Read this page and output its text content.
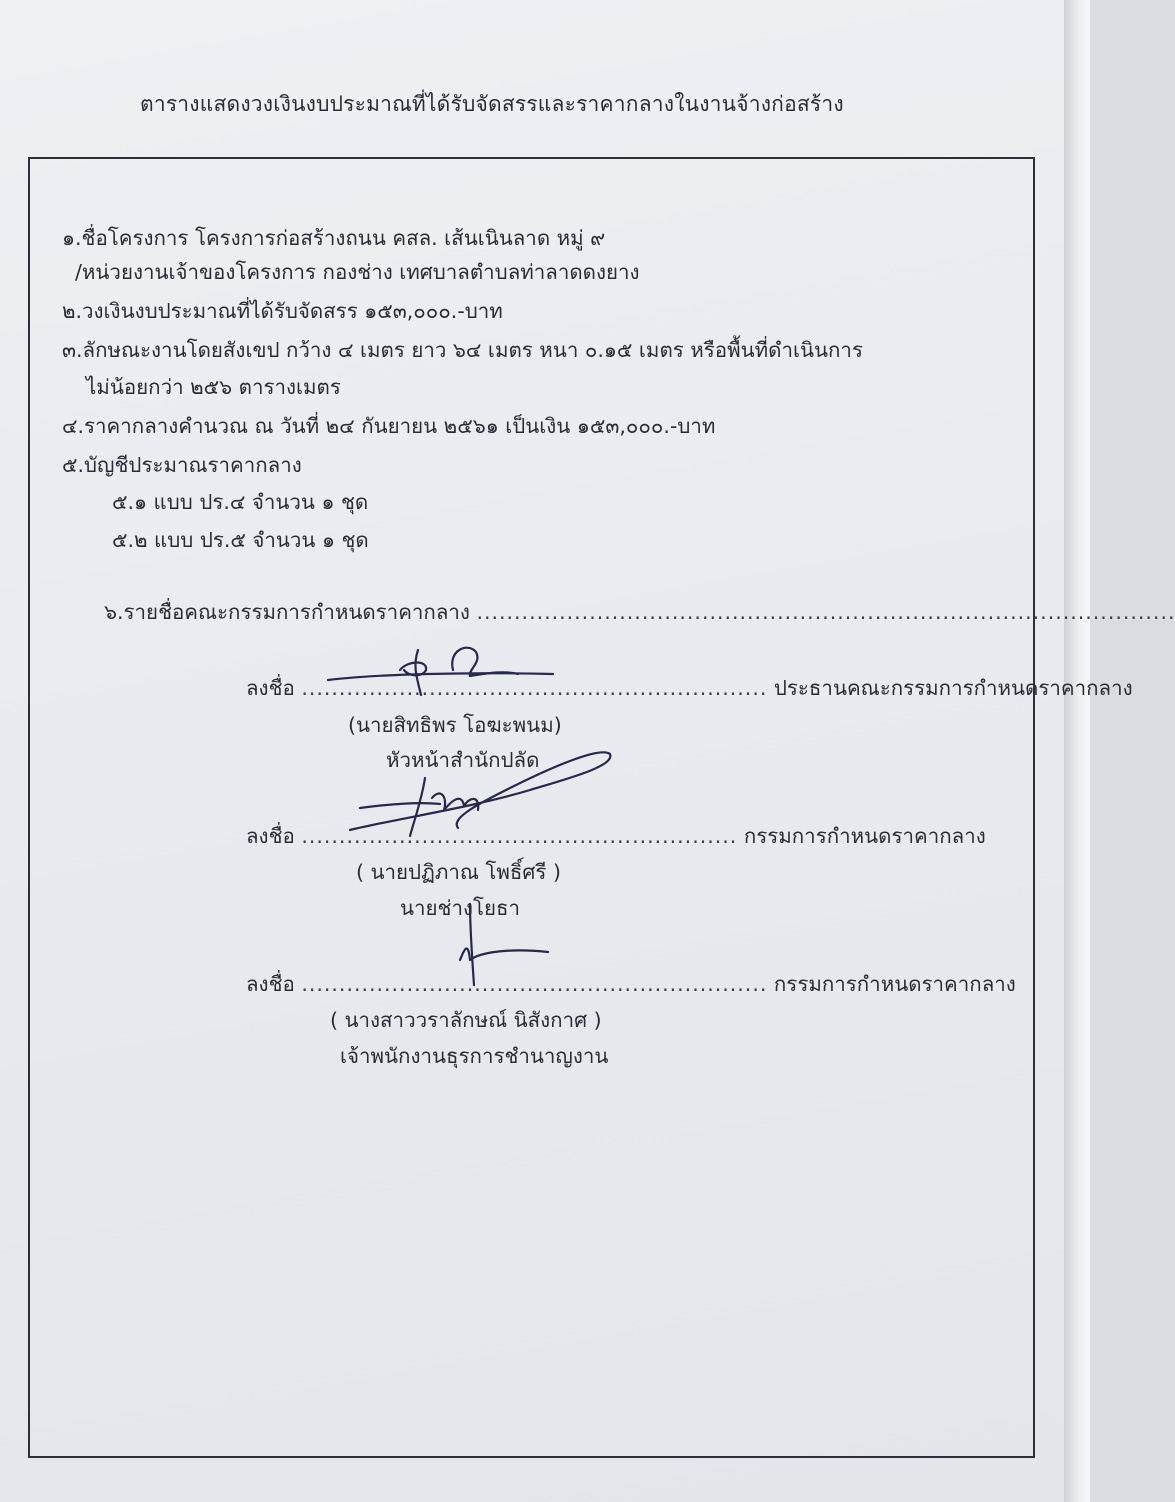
ตารางแสดงวงเงินงบประมาณที่ได้รับจัดสรรและราคากลางในงานจ้างก่อสร้าง
๑.ชื่อโครงการ โครงการก่อสร้างถนน คสล. เส้นเนินลาด หมู่ ๙
/หน่วยงานเจ้าของโครงการ กองช่าง เทศบาลตำบลท่าลาดดงยาง
๒.วงเงินงบประมาณที่ได้รับจัดสรร ๑๕๓,๐๐๐.-บาท
๓.ลักษณะงานโดยสังเขป กว้าง ๔ เมตร ยาว ๖๔ เมตร หนา ๐.๑๕ เมตร หรือพื้นที่ดำเนินการ
ไม่น้อยกว่า ๒๕๖ ตารางเมตร
๔.ราคากลางคำนวณ ณ วันที่ ๒๔ กันยายน ๒๕๖๑ เป็นเงิน ๑๕๓,๐๐๐.-บาท
๕.บัญชีประมาณราคากลาง
๕.๑ แบบ ปร.๔ จำนวน ๑ ชุด
๕.๒ แบบ ปร.๕ จำนวน ๑ ชุด
๖.รายชื่อคณะกรรมการกำหนดราคากลาง .............................................................................................
ลงชื่อ .............................................................. ประธานคณะกรรมการกำหนดราคากลาง
(นายสิทธิพร โอฆะพนม)
หัวหน้าสำนักปลัด
ลงชื่อ .......................................................... กรรมการกำหนดราคากลาง
( นายปฏิภาณ โพธิ์ศรี )
นายช่างโยธา
ลงชื่อ .............................................................. กรรมการกำหนดราคากลาง
( นางสาววราลักษณ์ นิสังกาศ )
เจ้าพนักงานธุรการชำนาญงาน
